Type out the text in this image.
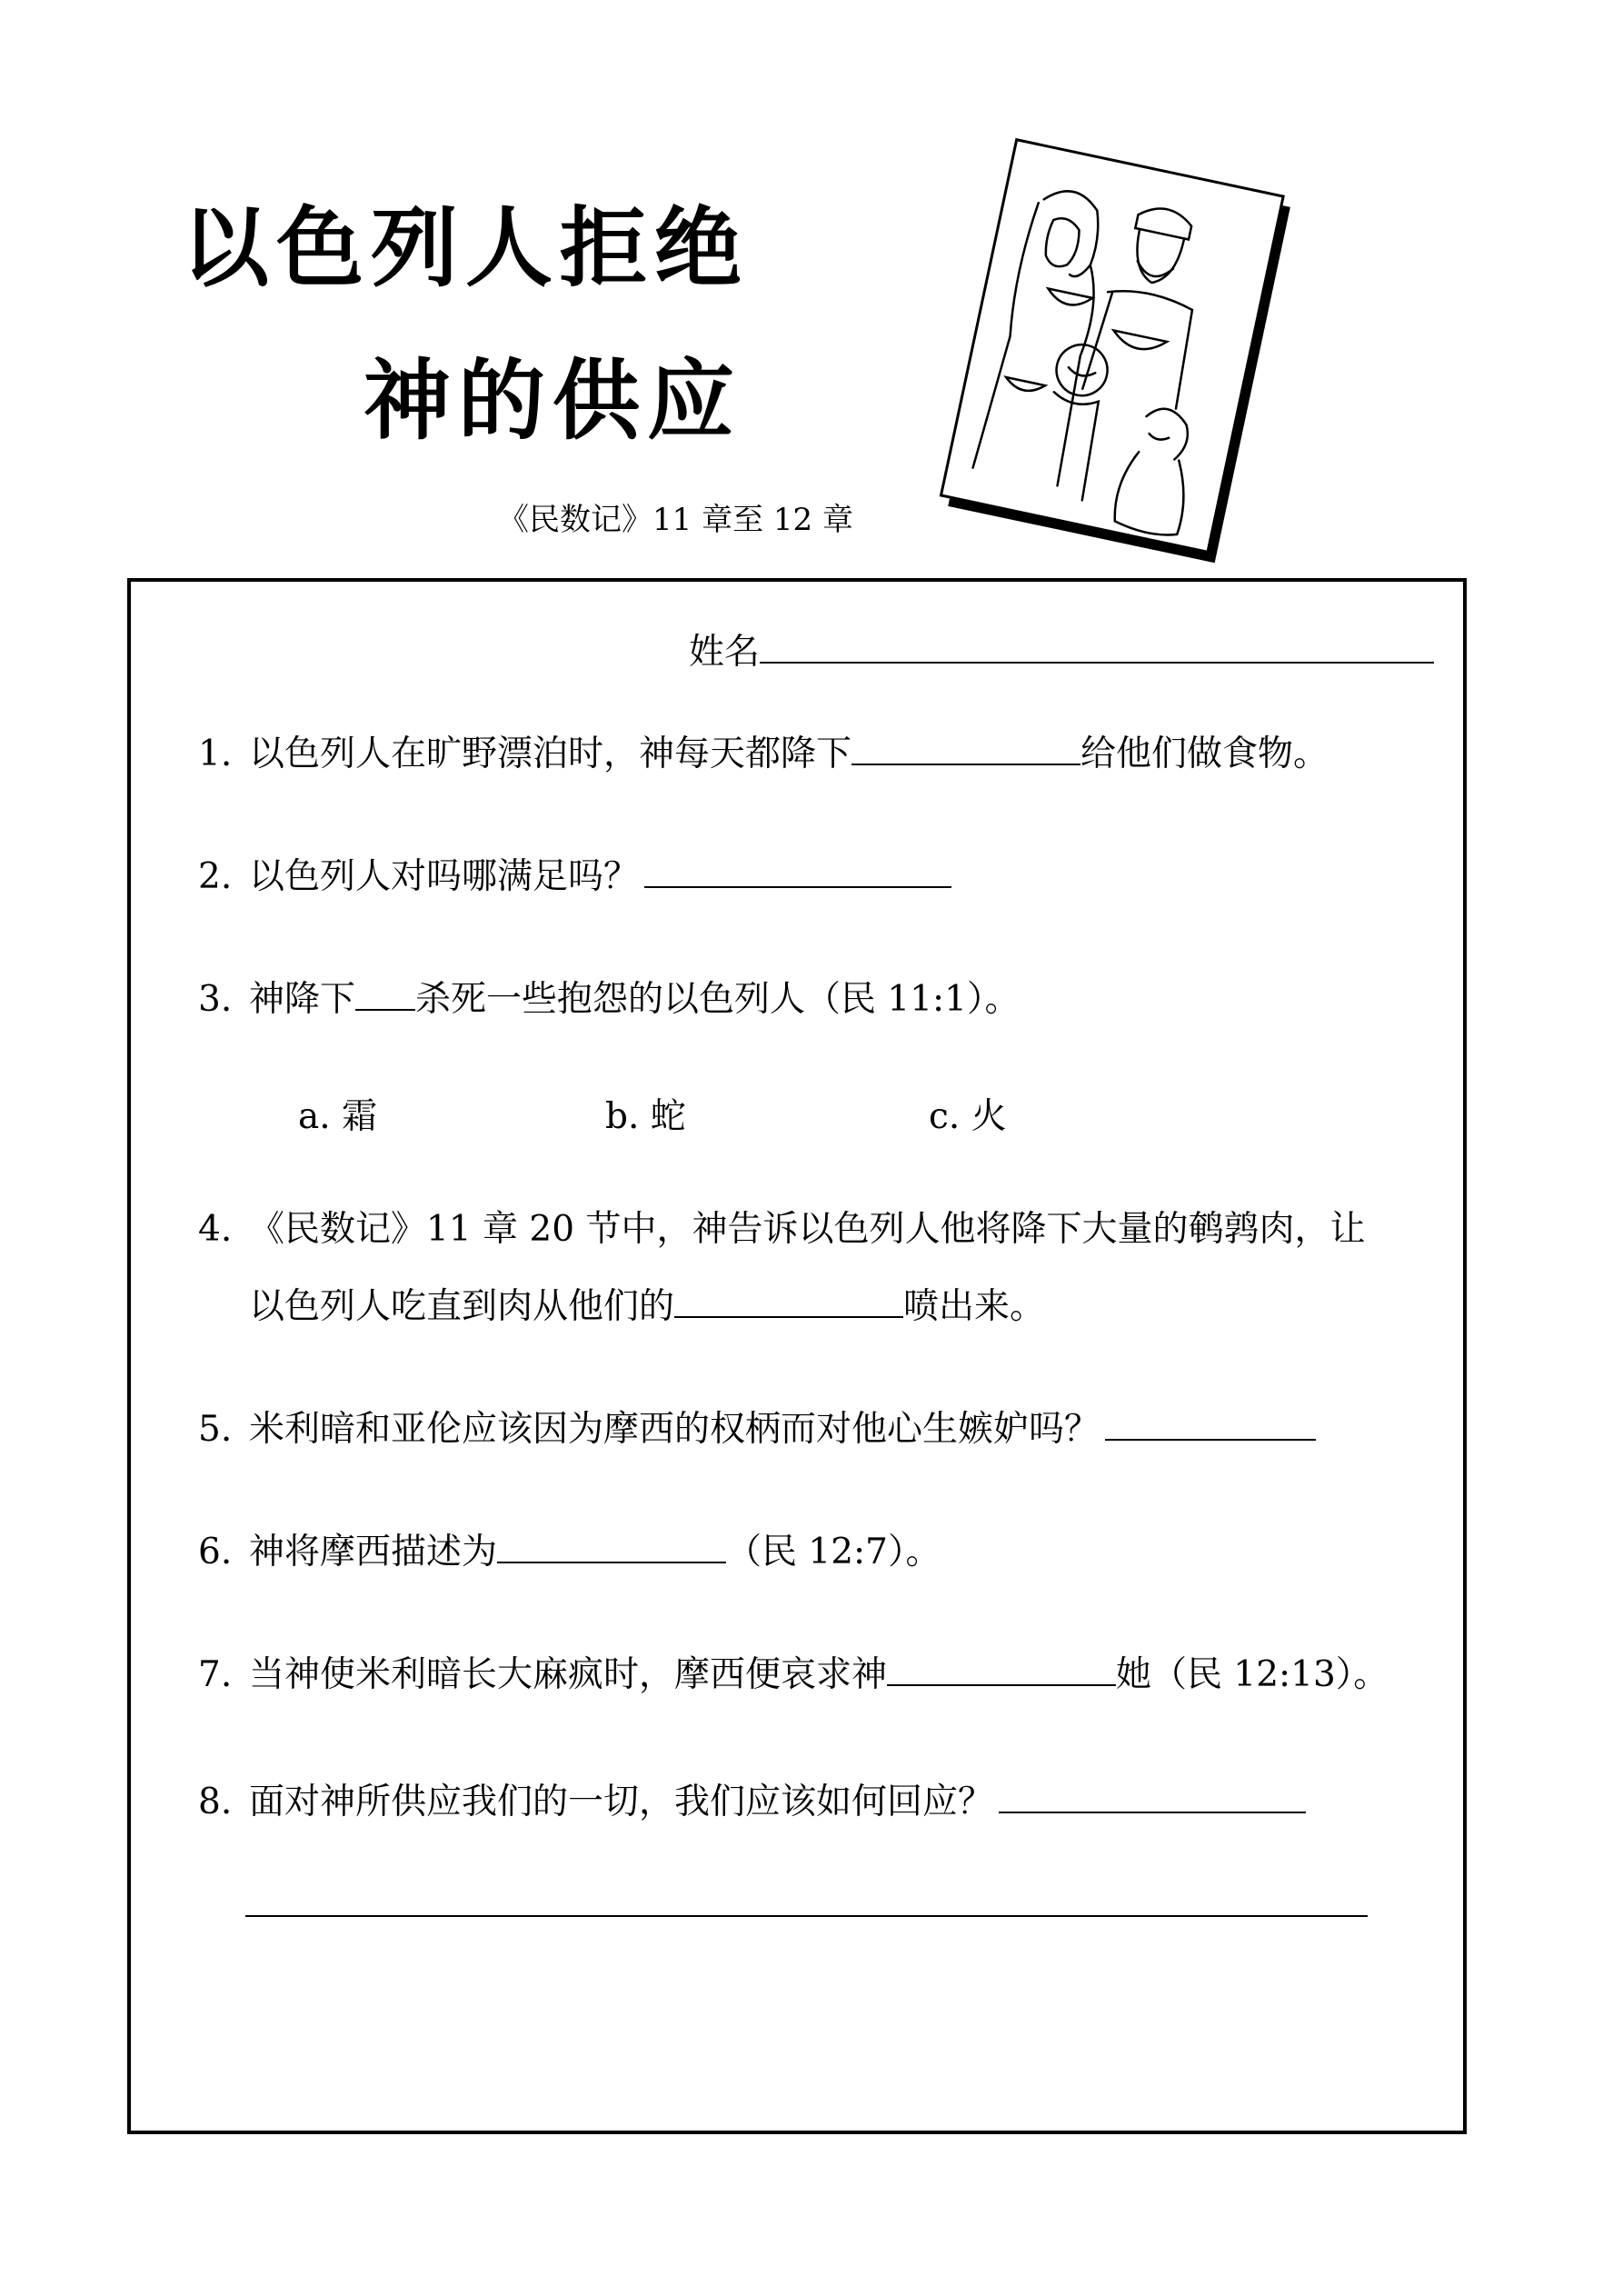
以色列人拒绝
神的供应
《民数记》11 章至 12 章
姓名
1. 以色列人在旷野漂泊时，神每天都降下	给他们做食物。
2. 以色列人对吗哪满足吗？
3. 神降下 杀死一些抱怨的以色列人（民 11:1）。
a. 霜	b. 蛇	c. 火
4. 《民数记》11 章 20 节中，神告诉以色列人他将降下大量的鹌鹑肉，让
以色列人吃直到肉从他们的	喷出来。
5. 米利暗和亚伦应该因为摩西的权柄而对他心生嫉妒吗？
6. 神将摩西描述为	（民 12:7）。
7. 当神使米利暗长大麻疯时，摩西便哀求神	她（民 12:13）。
8. 面对神所供应我们的一切，我们应该如何回应？
